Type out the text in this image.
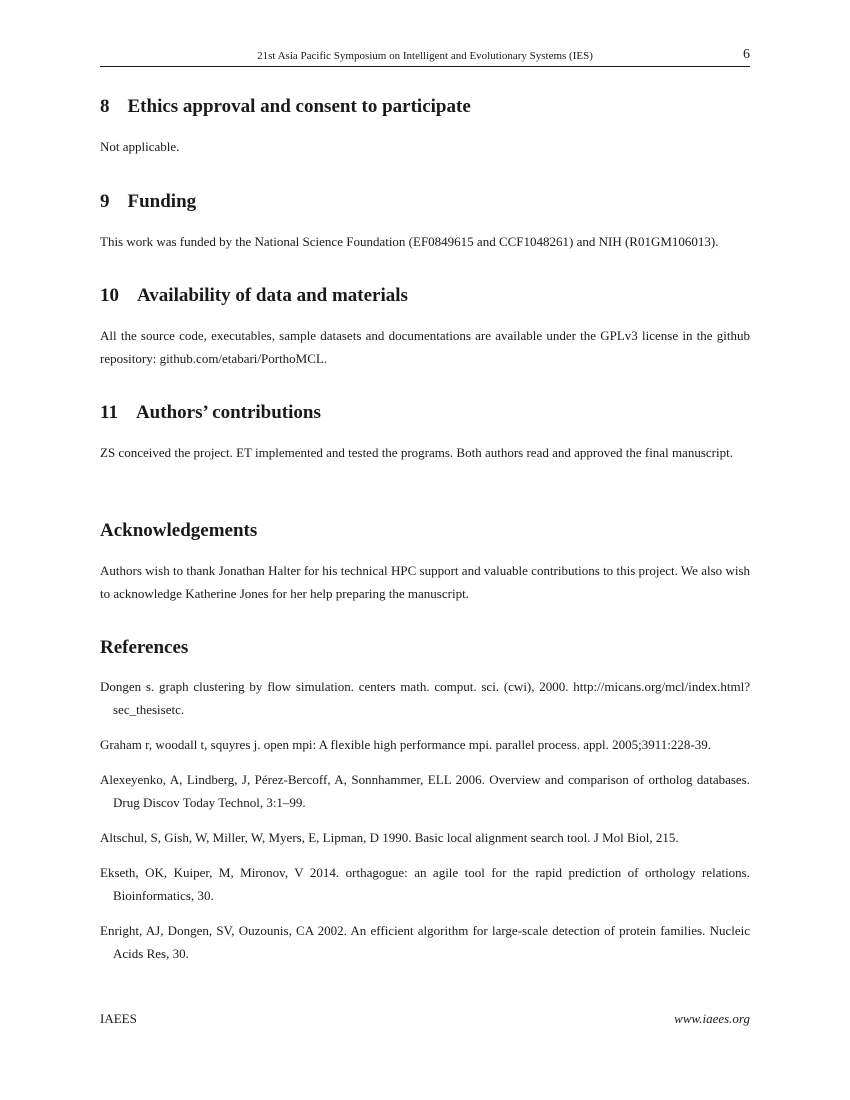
21st Asia Pacific Symposium on Intelligent and Evolutionary Systems (IES)	6
8 Ethics approval and consent to participate

Not applicable.

9 Funding

This work was funded by the National Science Foundation (EF0849615 and CCF1048261) and NIH (R01GM106013).

10 Availability of data and materials

All the source code, executables, sample datasets and documentations are available under the GPLv3 license in the github repository: github.com/etabari/PorthoMCL.

11 Authors’ contributions

ZS conceived the project. ET implemented and tested the programs. Both authors read and approved the final manuscript.

Acknowledgements

Authors wish to thank Jonathan Halter for his technical HPC support and valuable contributions to this project. We also wish to acknowledge Katherine Jones for her help preparing the manuscript.

References
Dongen s. graph clustering by flow simulation. centers math. comput. sci. (cwi), 2000. http://micans.org/mcl/index.html?sec_thesisetc.
Graham r, woodall t, squyres j. open mpi: A flexible high performance mpi. parallel process. appl. 2005;3911:228-39.
Alexeyenko, A, Lindberg, J, Pérez-Bercoff, A, Sonnhammer, ELL 2006. Overview and comparison of ortholog databases. Drug Discov Today Technol, 3:1–99.
Altschul, S, Gish, W, Miller, W, Myers, E, Lipman, D 1990. Basic local alignment search tool. J Mol Biol, 215.
Ekseth, OK, Kuiper, M, Mironov, V 2014. orthagogue: an agile tool for the rapid prediction of orthology relations. Bioinformatics, 30.
Enright, AJ, Dongen, SV, Ouzounis, CA 2002. An efficient algorithm for large-scale detection of protein families. Nucleic Acids Res, 30.
IAEES	www.iaees.org
